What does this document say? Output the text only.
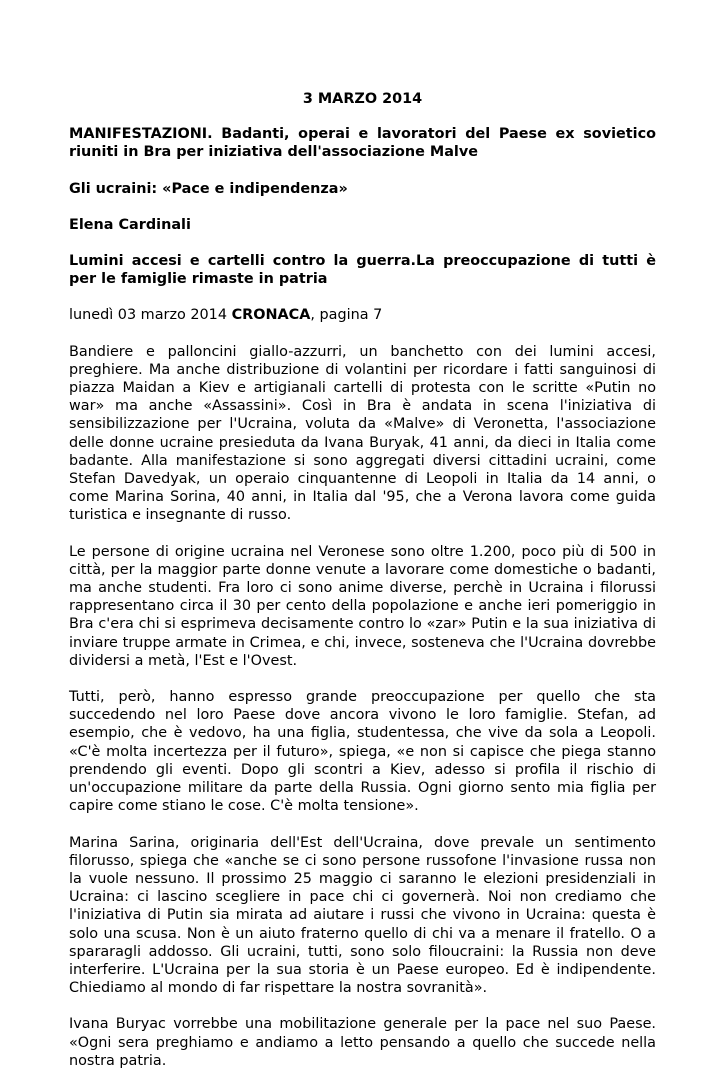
3 MARZO 2014
MANIFESTAZIONI. Badanti, operai e lavoratori del Paese ex sovietico riuniti in Bra per iniziativa dell'associazione Malve
Gli ucraini: «Pace e indipendenza»
Elena Cardinali
Lumini accesi e cartelli contro la guerra.La preoccupazione di tutti è per le famiglie rimaste in patria
lunedì 03 marzo 2014 CRONACA, pagina 7

Bandiere e palloncini giallo-azzurri, un banchetto con dei lumini accesi, preghiere. Ma anche distribuzione di volantini per ricordare i fatti sanguinosi di piazza Maidan a Kiev e artigianali cartelli di protesta con le scritte «Putin no war» ma anche «Assassini». Così in Bra è andata in scena l'iniziativa di sensibilizzazione per l'Ucraina, voluta da «Malve» di Veronetta, l'associazione delle donne ucraine presieduta da Ivana Buryak, 41 anni, da dieci in Italia come badante. Alla manifestazione si sono aggregati diversi cittadini ucraini, come Stefan Davedyak, un operaio cinquantenne di Leopoli in Italia da 14 anni, o come Marina Sorina, 40 anni, in Italia dal '95, che a Verona lavora come guida turistica e insegnante di russo.

Le persone di origine ucraina nel Veronese sono oltre 1.200, poco più di 500 in città, per la maggior parte donne venute a lavorare come domestiche o badanti, ma anche studenti. Fra loro ci sono anime diverse, perchè in Ucraina i filorussi rappresentano circa il 30 per cento della popolazione e anche ieri pomeriggio in Bra c'era chi si esprimeva decisamente contro lo «zar» Putin e la sua iniziativa di inviare truppe armate in Crimea, e chi, invece, sosteneva che l'Ucraina dovrebbe dividersi a metà, l'Est e l'Ovest.

Tutti, però, hanno espresso grande preoccupazione per quello che sta succedendo nel loro Paese dove ancora vivono le loro famiglie. Stefan, ad esempio, che è vedovo, ha una figlia, studentessa, che vive da sola a Leopoli. «C'è molta incertezza per il futuro», spiega, «e non si capisce che piega stanno prendendo gli eventi. Dopo gli scontri a Kiev, adesso si profila il rischio di un'occupazione militare da parte della Russia. Ogni giorno sento mia figlia per capire come stiano le cose. C'è molta tensione».

Marina Sarina, originaria dell'Est dell'Ucraina, dove prevale un sentimento filorusso, spiega che «anche se ci sono persone russofone l'invasione russa non la vuole nessuno. Il prossimo 25 maggio ci saranno le elezioni presidenziali in Ucraina: ci lascino scegliere in pace chi ci governerà. Noi non crediamo che l'iniziativa di Putin sia mirata ad aiutare i russi che vivono in Ucraina: questa è solo una scusa. Non è un aiuto fraterno quello di chi va a menare il fratello. O a spararagli addosso. Gli ucraini, tutti, sono solo filoucraini: la Russia non deve interferire. L'Ucraina per la sua storia è un Paese europeo. Ed è indipendente. Chiediamo al mondo di far rispettare la nostra sovranità».

Ivana Buryac vorrebbe una mobilitazione generale per la pace nel suo Paese. «Ogni sera preghiamo e andiamo a letto pensando a quello che succede nella nostra patria.
